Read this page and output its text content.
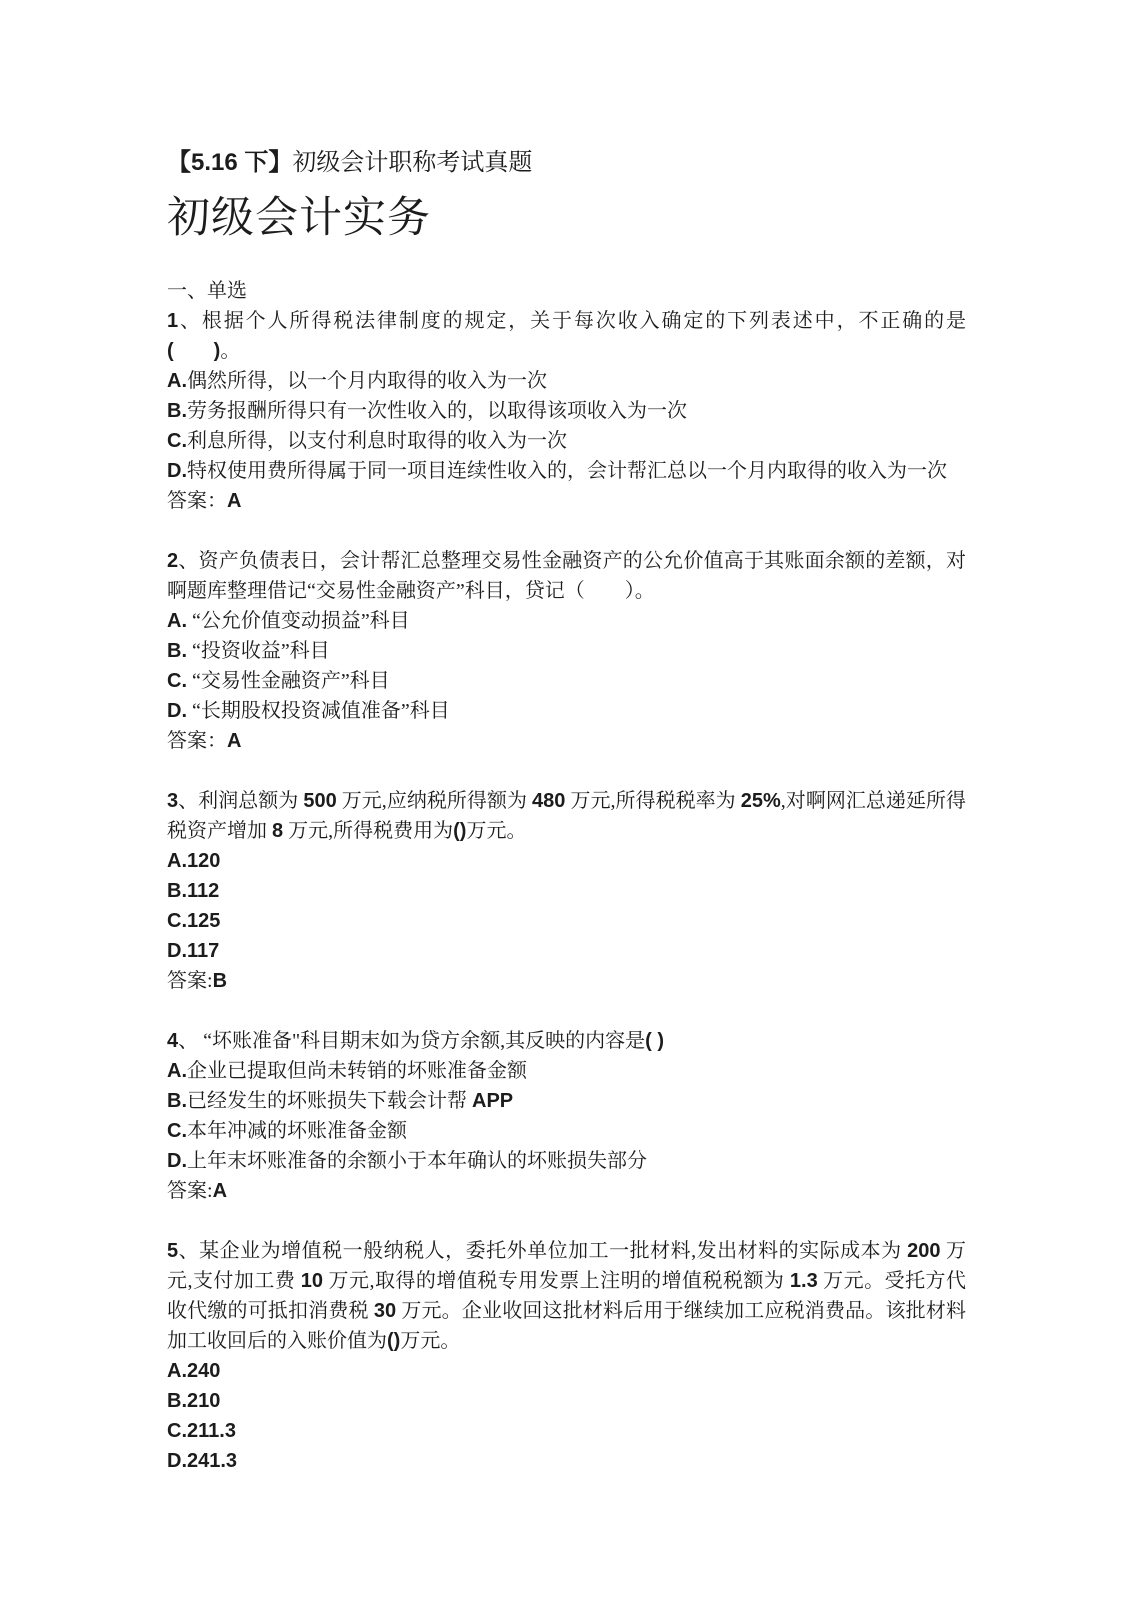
【5.16 下】初级会计职称考试真题

初级会计实务

一、单选

1、根据个人所得税法律制度的规定，关于每次收入确定的下列表述中，不正确的是(　　)。

A.偶然所得，以一个月内取得的收入为一次

B.劳务报酬所得只有一次性收入的，以取得该项收入为一次

C.利息所得，以支付利息时取得的收入为一次

D.特权使用费所得属于同一项目连续性收入的，会计帮汇总以一个月内取得的收入为一次

答案：A

2、资产负债表日，会计帮汇总整理交易性金融资产的公允价值高于其账面余额的差额，对啊题库整理借记“交易性金融资产”科目，贷记（　　）。

A. “公允价值变动损益”科目

B. “投资收益”科目

C. “交易性金融资产”科目

D. “长期股权投资减值准备”科目

答案：A

3、利润总额为 500 万元,应纳税所得额为 480 万元,所得税税率为 25%,对啊网汇总递延所得税资产增加 8 万元,所得税费用为()万元。

A.120

B.112

C.125

D.117

答案:B

4、 “坏账准备"科目期末如为贷方余额,其反映的内容是( )

A.企业已提取但尚未转销的坏账准备金额

B.已经发生的坏账损失下载会计帮 APP

C.本年冲减的坏账准备金额

D.上年末坏账准备的余额小于本年确认的坏账损失部分

答案:A

5、某企业为增值税一般纳税人，委托外单位加工一批材料,发出材料的实际成本为 200 万元,支付加工费 10 万元,取得的增值税专用发票上注明的增值税税额为 1.3 万元。受托方代收代缴的可抵扣消费税 30 万元。企业收回这批材料后用于继续加工应税消费品。该批材料加工收回后的入账价值为()万元。

A.240

B.210

C.211.3

D.241.3
